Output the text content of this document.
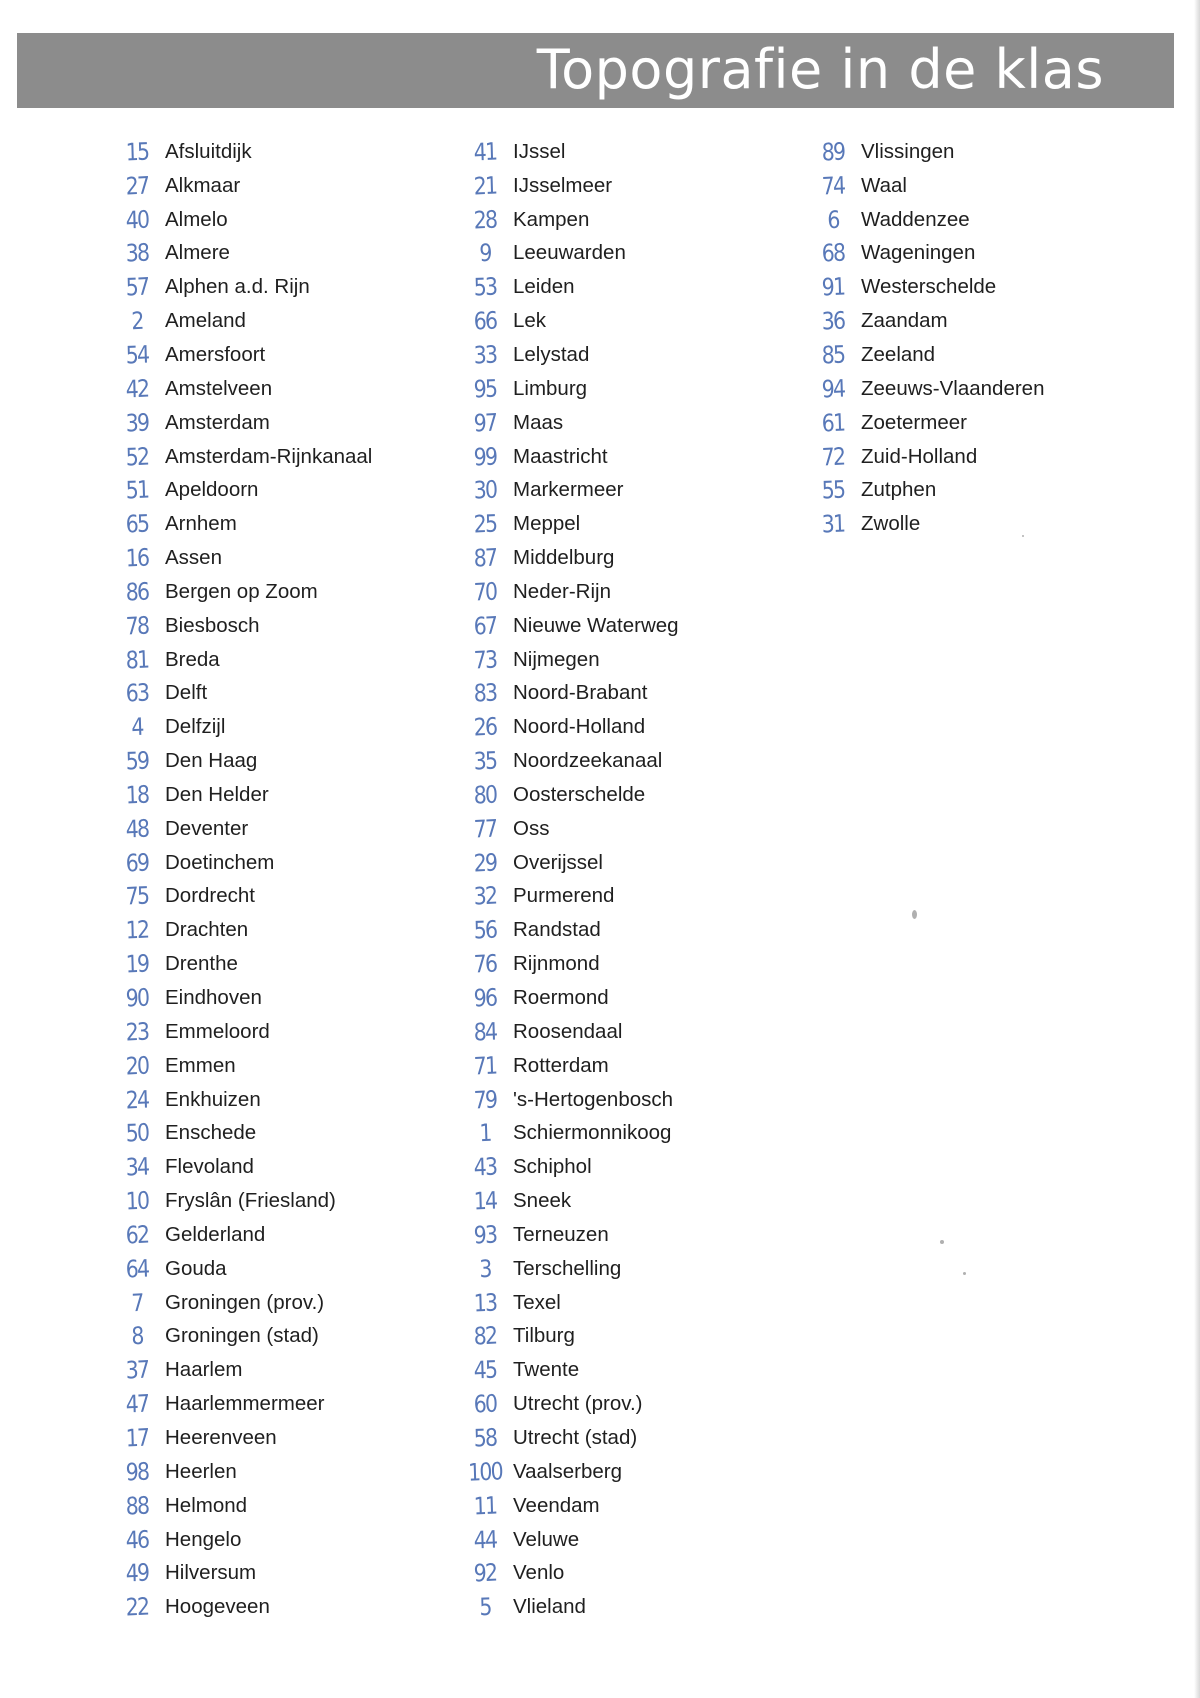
Topografie in de klas
15 Afsluitdijk
27 Alkmaar
40 Almelo
38 Almere
57 Alphen a.d. Rijn
2	Ameland
54 Amersfoort
42 Amstelveen
39 Amsterdam
52 Amsterdam-Rijnkanaal
51 Apeldoorn
65 Arnhem
16 Assen
86 Bergen op Zoom
78 Biesbosch
81 Breda
63 Delft
4	Delfzijl
59 Den Haag
18 Den Helder
48 Deventer
69 Doetinchem
75 Dordrecht
12 Drachten
19 Drenthe
90 Eindhoven
23 Emmeloord
20 Emmen
24 Enkhuizen
50 Enschede
34 Flevoland
10 Fryslân (Friesland)
62 Gelderland
64 Gouda
7	Groningen (prov.)
8	Groningen (stad)
37 Haarlem
47 Haarlemmermeer
17 Heerenveen
98 Heerlen
88 Helmond
46 Hengelo
49 Hilversum
22 Hoogeveen
41 IJssel
21 IJsselmeer
28 Kampen
9	Leeuwarden
53 Leiden
66 Lek
33 Lelystad
95 Limburg
97 Maas
99 Maastricht
30 Markermeer
25 Meppel
87 Middelburg
70 Neder-Rijn
67 Nieuwe Waterweg
73 Nijmegen
83 Noord-Brabant
26 Noord-Holland
35 Noordzeekanaal
80 Oosterschelde
77 Oss
29 Overijssel
32 Purmerend
56 Randstad
76 Rijnmond
96 Roermond
84 Roosendaal
71 Rotterdam
79 's-Hertogenbosch
1	Schiermonnikoog
43 Schiphol
14 Sneek
93 Terneuzen
3	Terschelling
13 Texel
82 Tilburg
45 Twente
60 Utrecht (prov.)
58 Utrecht (stad)
100 Vaalserberg
11 Veendam
44 Veluwe
92 Venlo
5	Vlieland
89 Vlissingen
74 Waal
6	Waddenzee
68 Wageningen
91 Westerschelde
36 Zaandam
85 Zeeland
94 Zeeuws-Vlaanderen
61 Zoetermeer
72 Zuid-Holland
55 Zutphen
31 Zwolle
